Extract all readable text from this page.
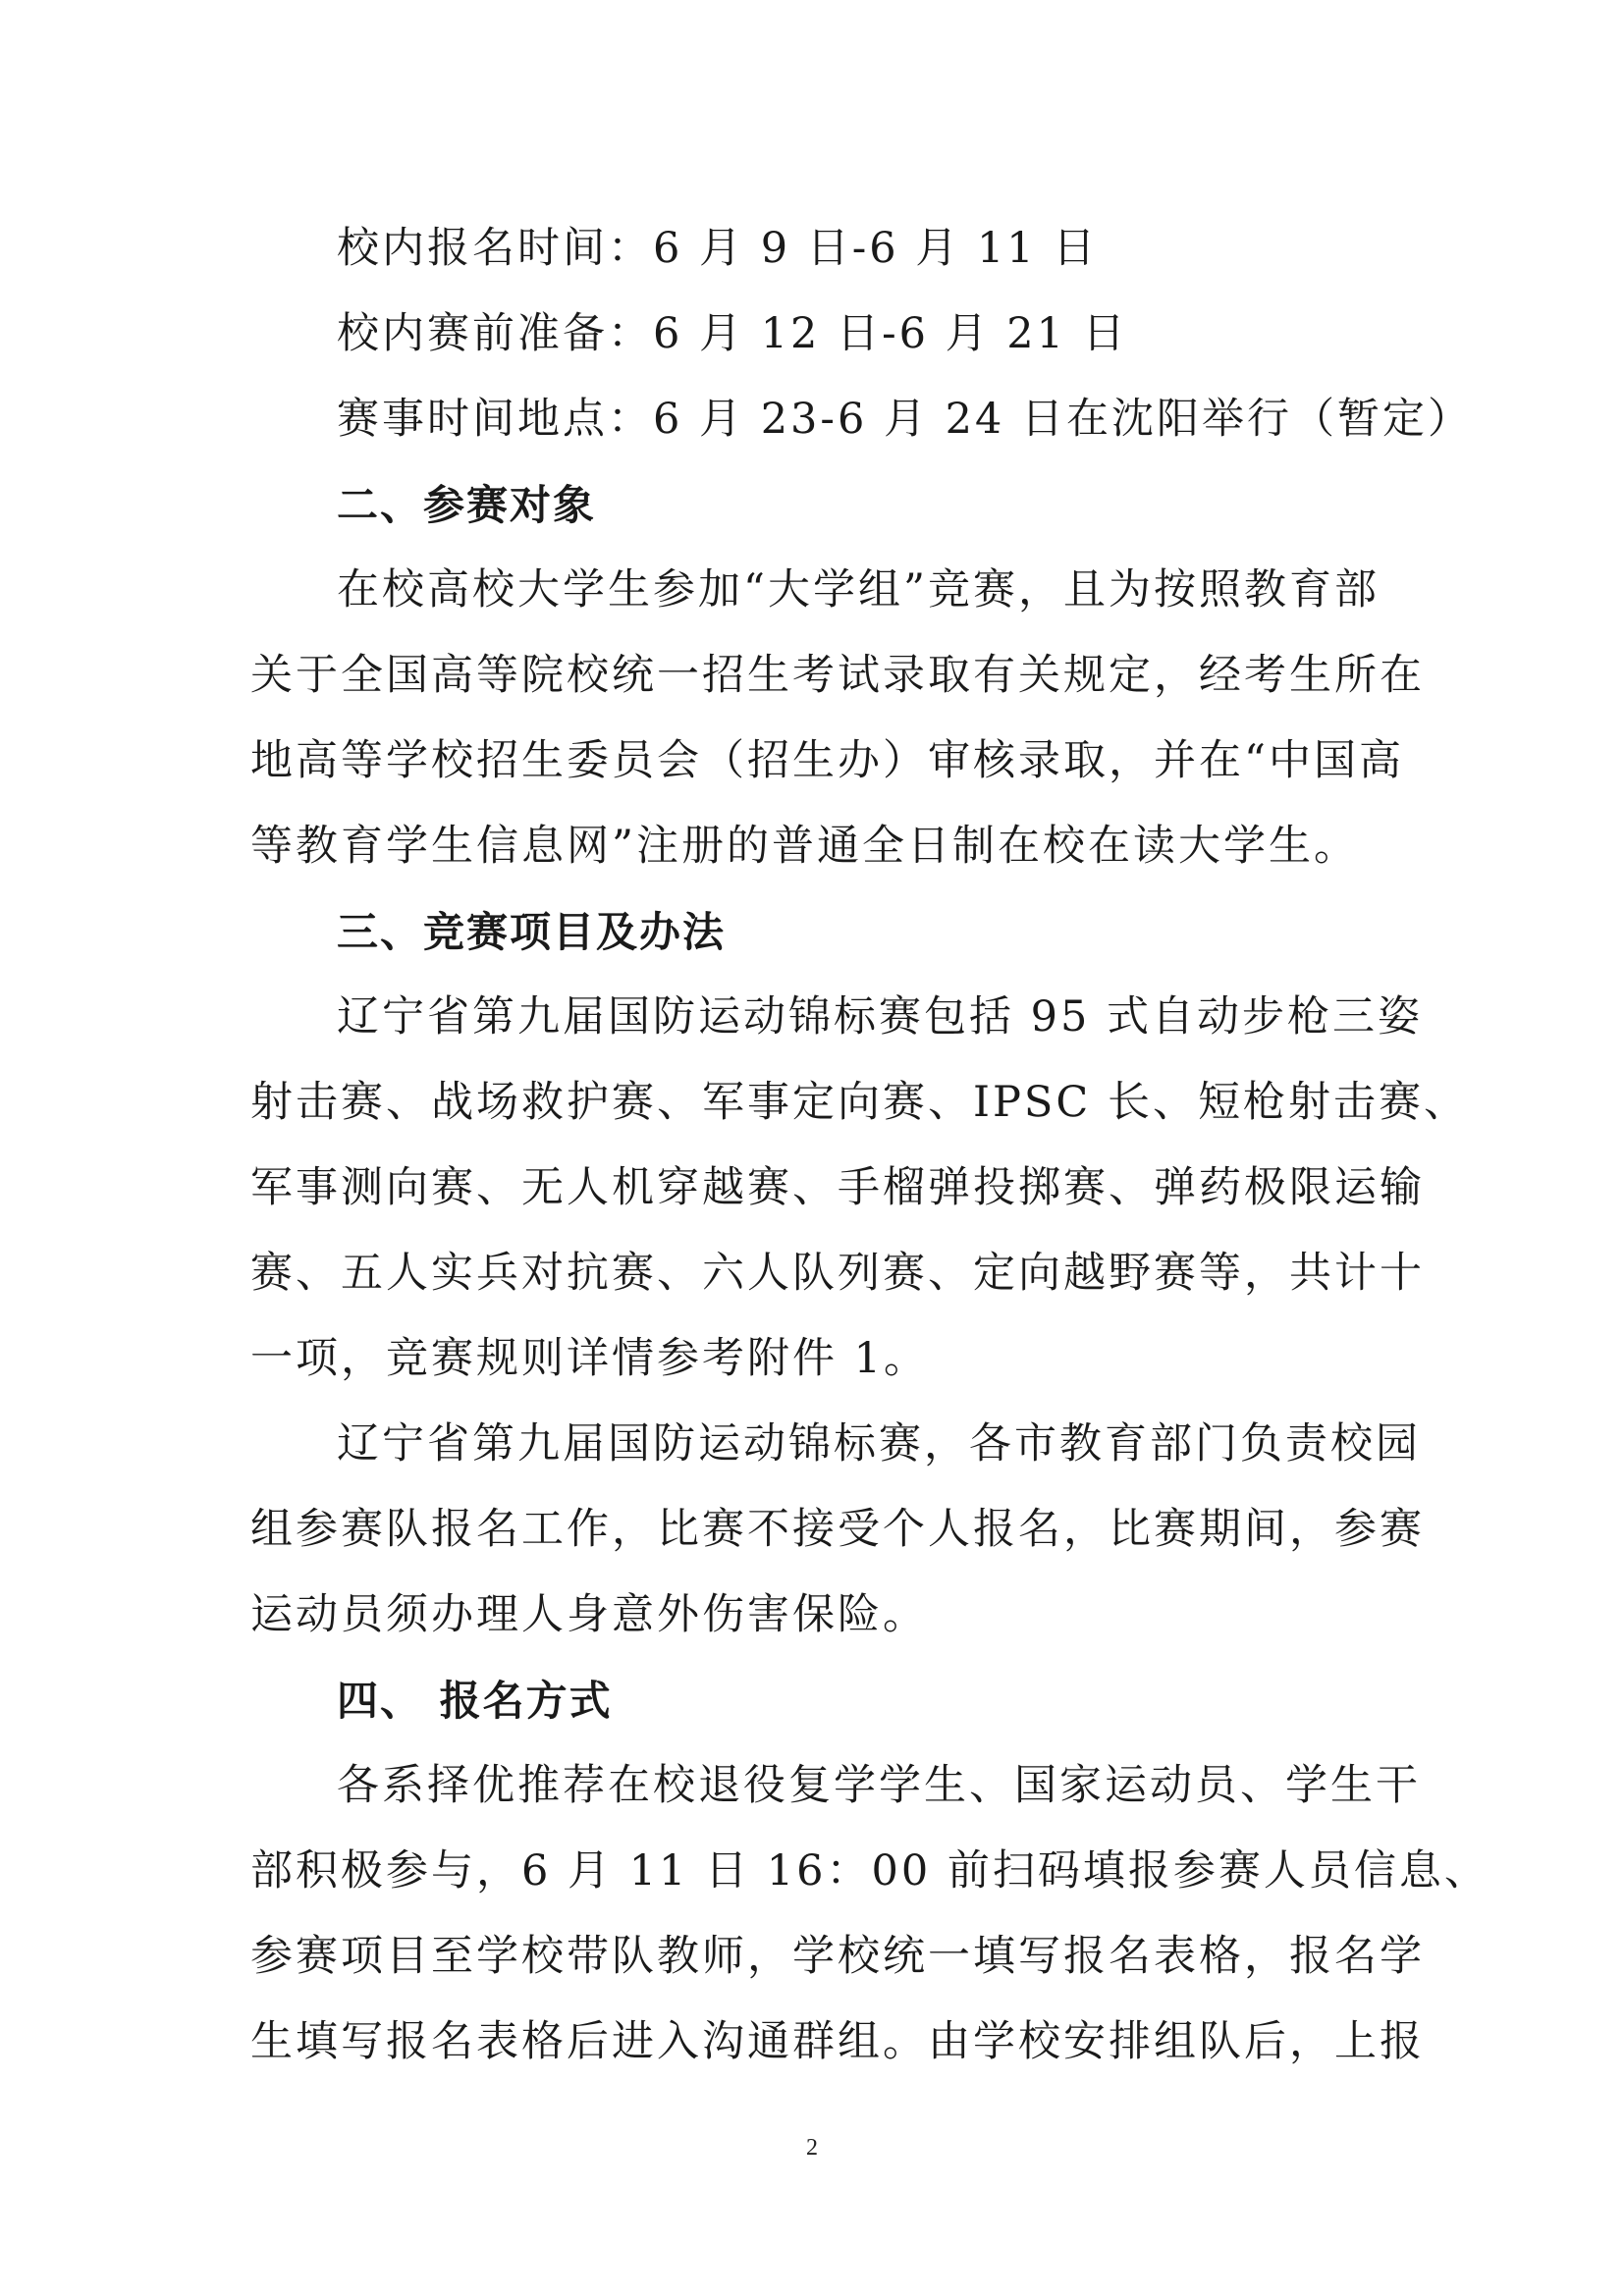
校内报名时间：6 月 9 日-6 月 11 日
校内赛前准备：6 月 12 日-6 月 21 日
赛事时间地点：6 月 23-6 月 24 日在沈阳举行（暂定）
二、参赛对象
在校高校大学生参加“大学组”竞赛，且为按照教育部
关于全国高等院校统一招生考试录取有关规定，经考生所在
地高等学校招生委员会（招生办）审核录取，并在“中国高
等教育学生信息网”注册的普通全日制在校在读大学生。
三、竞赛项目及办法
辽宁省第九届国防运动锦标赛包括 95 式自动步枪三姿
射击赛、战场救护赛、军事定向赛、IPSC 长、短枪射击赛、
军事测向赛、无人机穿越赛、手榴弹投掷赛、弹药极限运输
赛、五人实兵对抗赛、六人队列赛、定向越野赛等，共计十
一项，竞赛规则详情参考附件 1。
辽宁省第九届国防运动锦标赛，各市教育部门负责校园
组参赛队报名工作，比赛不接受个人报名，比赛期间，参赛
运动员须办理人身意外伤害保险。
四、 报名方式
各系择优推荐在校退役复学学生、国家运动员、学生干
部积极参与，6 月 11 日 16：00 前扫码填报参赛人员信息、
参赛项目至学校带队教师，学校统一填写报名表格，报名学
生填写报名表格后进入沟通群组。由学校安排组队后，上报
2
